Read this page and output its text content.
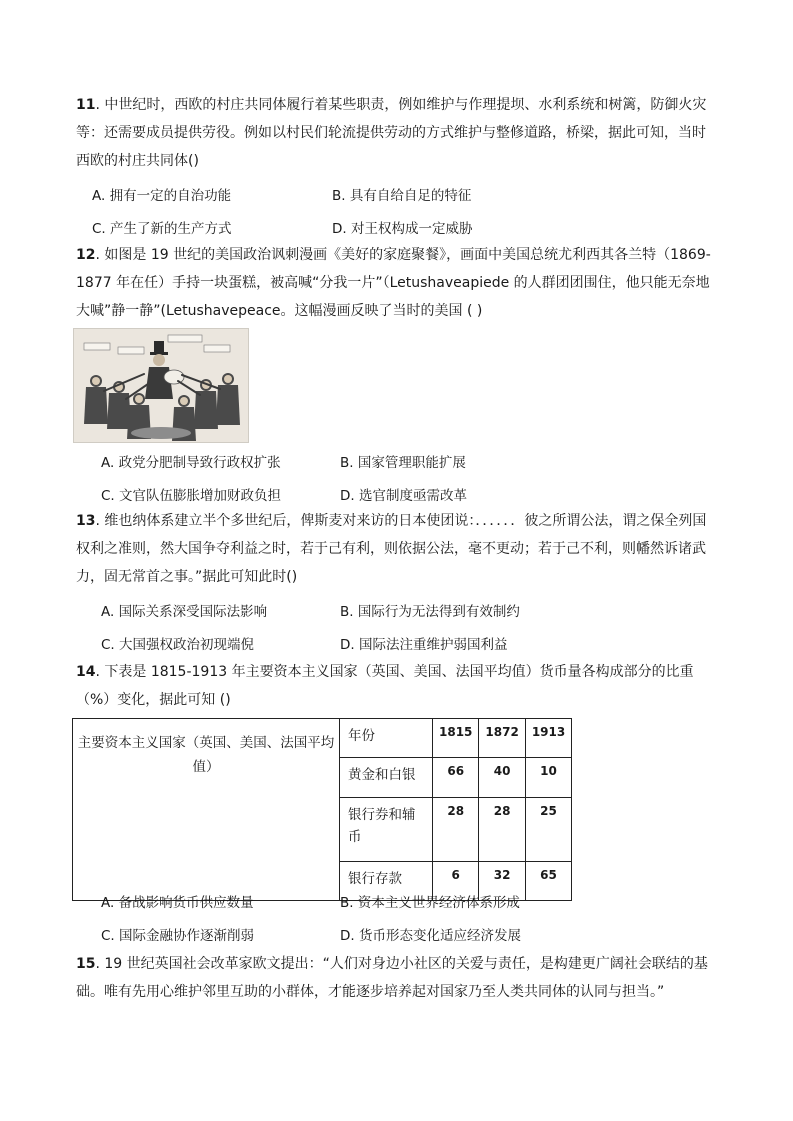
11. 中世纪时，西欧的村庄共同体履行着某些职责，例如维护与作理提坝、水利系统和树篱，防御火灾等：还需要成员提供劳役。例如以村民们轮流提供劳动的方式维护与整修道路，桥梁，据此可知，当时西欧的村庄共同体()

A. 拥有一定的自治功能	B. 具有自给自足的特征
C. 产生了新的生产方式	D. 对王权构成一定威胁

12. 如图是 19 世纪的美国政治讽刺漫画《美好的家庭聚餐》，画面中美国总统尤利西其各兰特（1869-1877 年在任）手持一块蛋糕，被高喊“分我一片”（Letushaveapiede 的人群团团围住，他只能无奈地大喊”静一静”(Letushavepeace。这幅漫画反映了当时的美国 ( )

A. 政党分肥制导致行政权扩张	B. 国家管理职能扩展
C. 文官队伍膨胀增加财政负担	D. 选官制度亟需改革

13. 维也纳体系建立半个多世纪后，俾斯麦对来访的日本使团说：．．．．．．彼之所谓公法，谓之保全列国权利之准则，然大国争夺利益之时，若于己有利，则依据公法，毫不更动；若于己不利，则幡然诉诸武力，固无常首之事。”据此可知此时()

A. 国际关系深受国际法影响	B. 国际行为无法得到有效制约
C. 大国强权政治初现端倪	D. 国际法注重维护弱国利益

14. 下表是 1815-1913 年主要资本主义国家（英国、美国、法国平均值）货币量各构成部分的比重（%）变化，据此可知 ()

主要资本主义国家（英国、美国、法国平均值）	年份	1815	1872	1913
	黄金和白银	66	40	10
	银行券和辅币	28	28	25
	银行存款	6	32	65
A. 备战影响货币供应数量	B. 资本主义世界经济体系形成
C. 国际金融协作逐渐削弱	D. 货币形态变化适应经济发展

15. 19 世纪英国社会改革家欧文提出：“人们对身边小社区的关爱与责任，是构建更广阔社会联结的基础。唯有先用心维护邻里互助的小群体，才能逐步培养起对国家乃至人类共同体的认同与担当。”
